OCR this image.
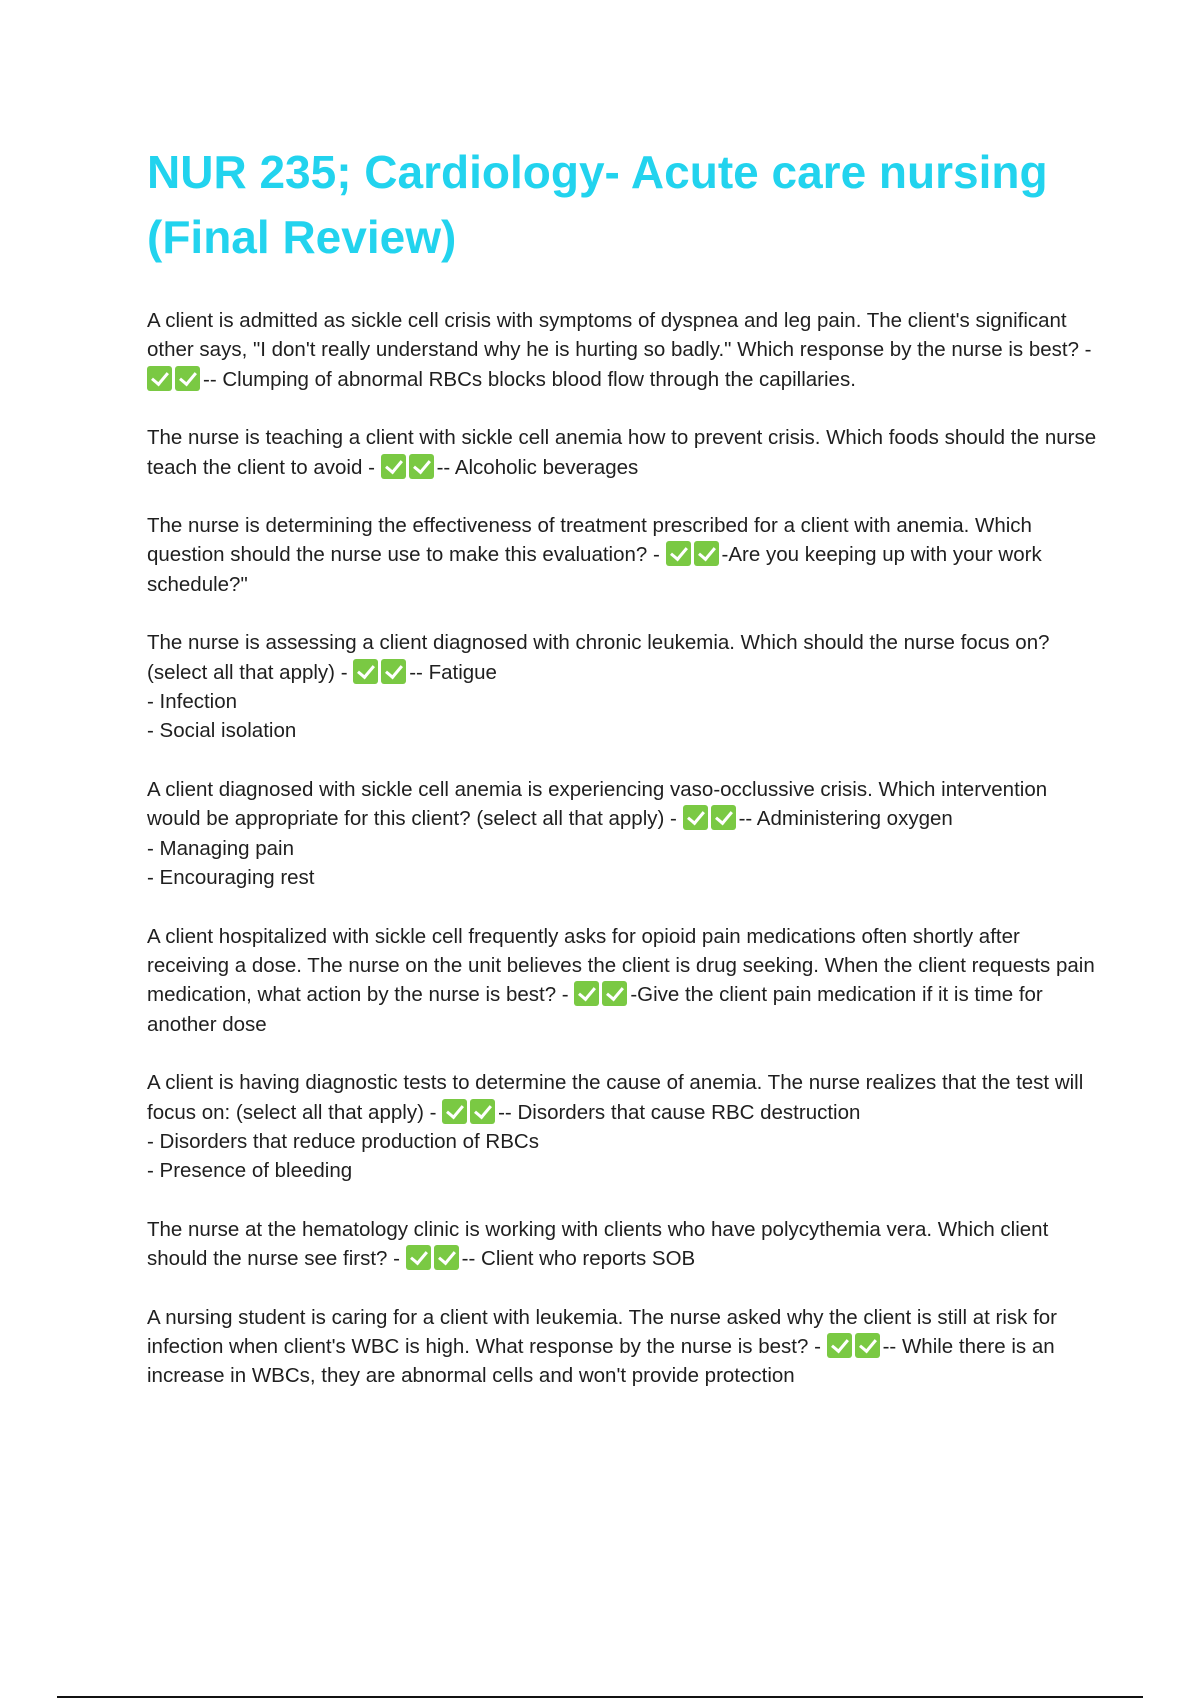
NUR 235; Cardiology- Acute care nursing (Final Review)

A client is admitted as sickle cell crisis with symptoms of dyspnea and leg pain. The client's significant other says, "I don't really understand why he is hurting so badly." Which response by the nurse is best? - -- Clumping of abnormal RBCs blocks blood flow through the capillaries.

The nurse is teaching a client with sickle cell anemia how to prevent crisis. Which foods should the nurse teach the client to avoid -	-- Alcoholic beverages

The nurse is determining the effectiveness of treatment prescribed for a client with anemia. Which question should the nurse use to make this evaluation? -	-Are you keeping up with your work schedule?"

The nurse is assessing a client diagnosed with chronic leukemia. Which should the nurse focus on? (select all that apply) -	-- Fatigue

- Infection

- Social isolation

A client diagnosed with sickle cell anemia is experiencing vaso-occlussive crisis. Which intervention would be appropriate for this client? (select all that apply) -	-- Administering oxygen

- Managing pain

- Encouraging rest

A client hospitalized with sickle cell frequently asks for opioid pain medications often shortly after receiving a dose. The nurse on the unit believes the client is drug seeking. When the client requests pain medication, what action by the nurse is best? -	-Give the client pain medication if it is time for another dose

A client is having diagnostic tests to determine the cause of anemia. The nurse realizes that the test will focus on: (select all that apply) -	-- Disorders that cause RBC destruction

- Disorders that reduce production of RBCs

- Presence of bleeding

The nurse at the hematology clinic is working with clients who have polycythemia vera. Which client should the nurse see first? -	-- Client who reports SOB

A nursing student is caring for a client with leukemia. The nurse asked why the client is still at risk for infection when client's WBC is high. What response by the nurse is best? -	-- While there is an increase in WBCs, they are abnormal cells and won't provide protection
